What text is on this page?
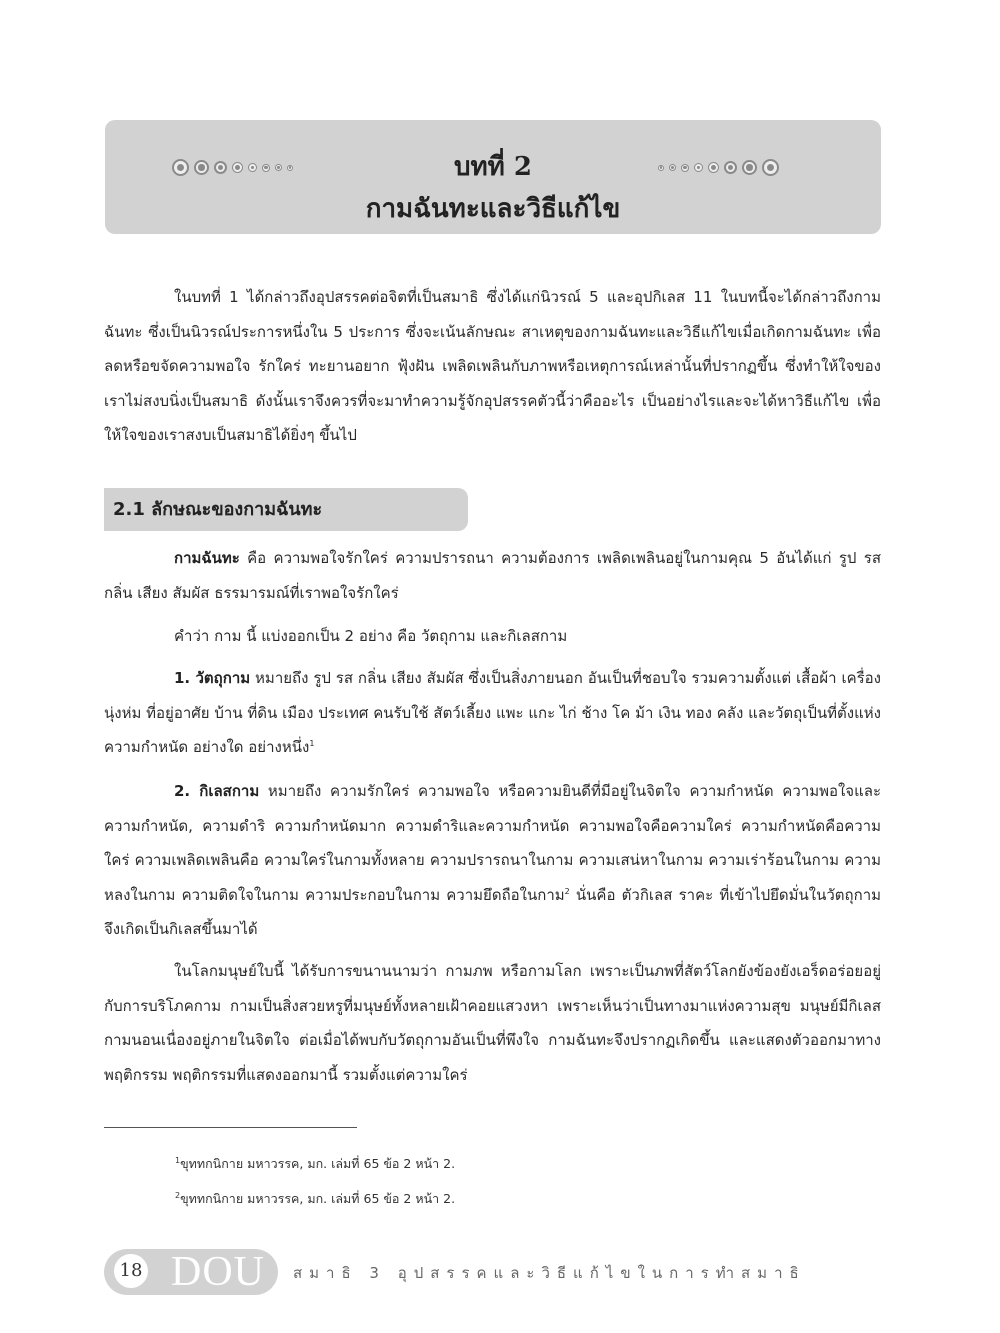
บทที่ 2
กามฉันทะและวิธีแก้ไข

ในบทที่ 1 ได้กล่าวถึงอุปสรรคต่อจิตที่เป็นสมาธิ ซึ่งได้แก่นิวรณ์ 5 และอุปกิเลส 11 ในบทนี้จะได้กล่าวถึงกามฉันทะ ซึ่งเป็นนิวรณ์ประการหนึ่งใน 5 ประการ ซึ่งจะเน้นลักษณะ สาเหตุของกามฉันทะและวิธีแก้ไขเมื่อเกิดกามฉันทะ เพื่อลดหรือขจัดความพอใจ รักใคร่ ทะยานอยาก ฟุ้งฝัน เพลิดเพลินกับภาพหรือเหตุการณ์เหล่านั้นที่ปรากฏขึ้น ซึ่งทำให้ใจของเราไม่สงบนิ่งเป็นสมาธิ ดังนั้นเราจึงควรที่จะมาทำความรู้จักอุปสรรคตัวนี้ว่าคืออะไร เป็นอย่างไรและจะได้หาวิธีแก้ไข เพื่อให้ใจของเราสงบเป็นสมาธิได้ยิ่งๆ ขึ้นไป

2.1 ลักษณะของกามฉันทะ

กามฉันทะ คือ ความพอใจรักใคร่ ความปรารถนา ความต้องการ เพลิดเพลินอยู่ในกามคุณ 5 อันได้แก่ รูป รส กลิ่น เสียง สัมผัส ธรรมารมณ์ที่เราพอใจรักใคร่

คำว่า กาม นี้ แบ่งออกเป็น 2 อย่าง คือ วัตถุกาม และกิเลสกาม

1. วัตถุกาม หมายถึง รูป รส กลิ่น เสียง สัมผัส ซึ่งเป็นสิ่งภายนอก อันเป็นที่ชอบใจ รวมความตั้งแต่ เสื้อผ้า เครื่องนุ่งห่ม ที่อยู่อาศัย บ้าน ที่ดิน เมือง ประเทศ คนรับใช้ สัตว์เลี้ยง แพะ แกะ ไก่ ช้าง โค ม้า เงิน ทอง คลัง และวัตถุเป็นที่ตั้งแห่งความกำหนัด อย่างใด อย่างหนึ่ง$^1$

2. กิเลสกาม หมายถึง ความรักใคร่ ความพอใจ หรือความยินดีที่มีอยู่ในจิตใจ ความกำหนัด ความพอใจและความกำหนัด, ความดำริ ความกำหนัดมาก ความดำริและความกำหนัด ความพอใจคือความใคร่ ความกำหนัดคือความใคร่ ความเพลิดเพลินคือ ความใคร่ในกามทั้งหลาย ความปรารถนาในกาม ความเสน่หาในกาม ความเร่าร้อนในกาม ความหลงในกาม ความติดใจในกาม ความประกอบในกาม ความยึดถือในกาม$^2$ นั่นคือ ตัวกิเลส ราคะ ที่เข้าไปยึดมั่นในวัตถุกาม จึงเกิดเป็นกิเลสขึ้นมาได้

ในโลกมนุษย์ใบนี้ ได้รับการขนานนามว่า กามภพ หรือกามโลก เพราะเป็นภพที่สัตว์โลกยังข้องยังเอร็ดอร่อยอยู่กับการบริโภคกาม กามเป็นสิ่งสวยหรูที่มนุษย์ทั้งหลายเฝ้าคอยแสวงหา เพราะเห็นว่าเป็นทางมาแห่งความสุข มนุษย์มีกิเลสกามนอนเนื่องอยู่ภายในจิตใจ ต่อเมื่อได้พบกับวัตถุกามอันเป็นที่พึงใจ กามฉันทะจึงปรากฏเกิดขึ้น และแสดงตัวออกมาทางพฤติกรรม พฤติกรรมที่แสดงออกมานี้ รวมตั้งแต่ความใคร่

$^1$ขุททกนิกาย มหาวรรค, มก. เล่มที่ 65 ข้อ 2 หน้า 2.

$^2$ขุททกนิกาย มหาวรรค, มก. เล่มที่ 65 ข้อ 2 หน้า 2.

18 DOU สมาธิ 3 อุปสรรคและวิธีแก้ไขในการทำสมาธิ
